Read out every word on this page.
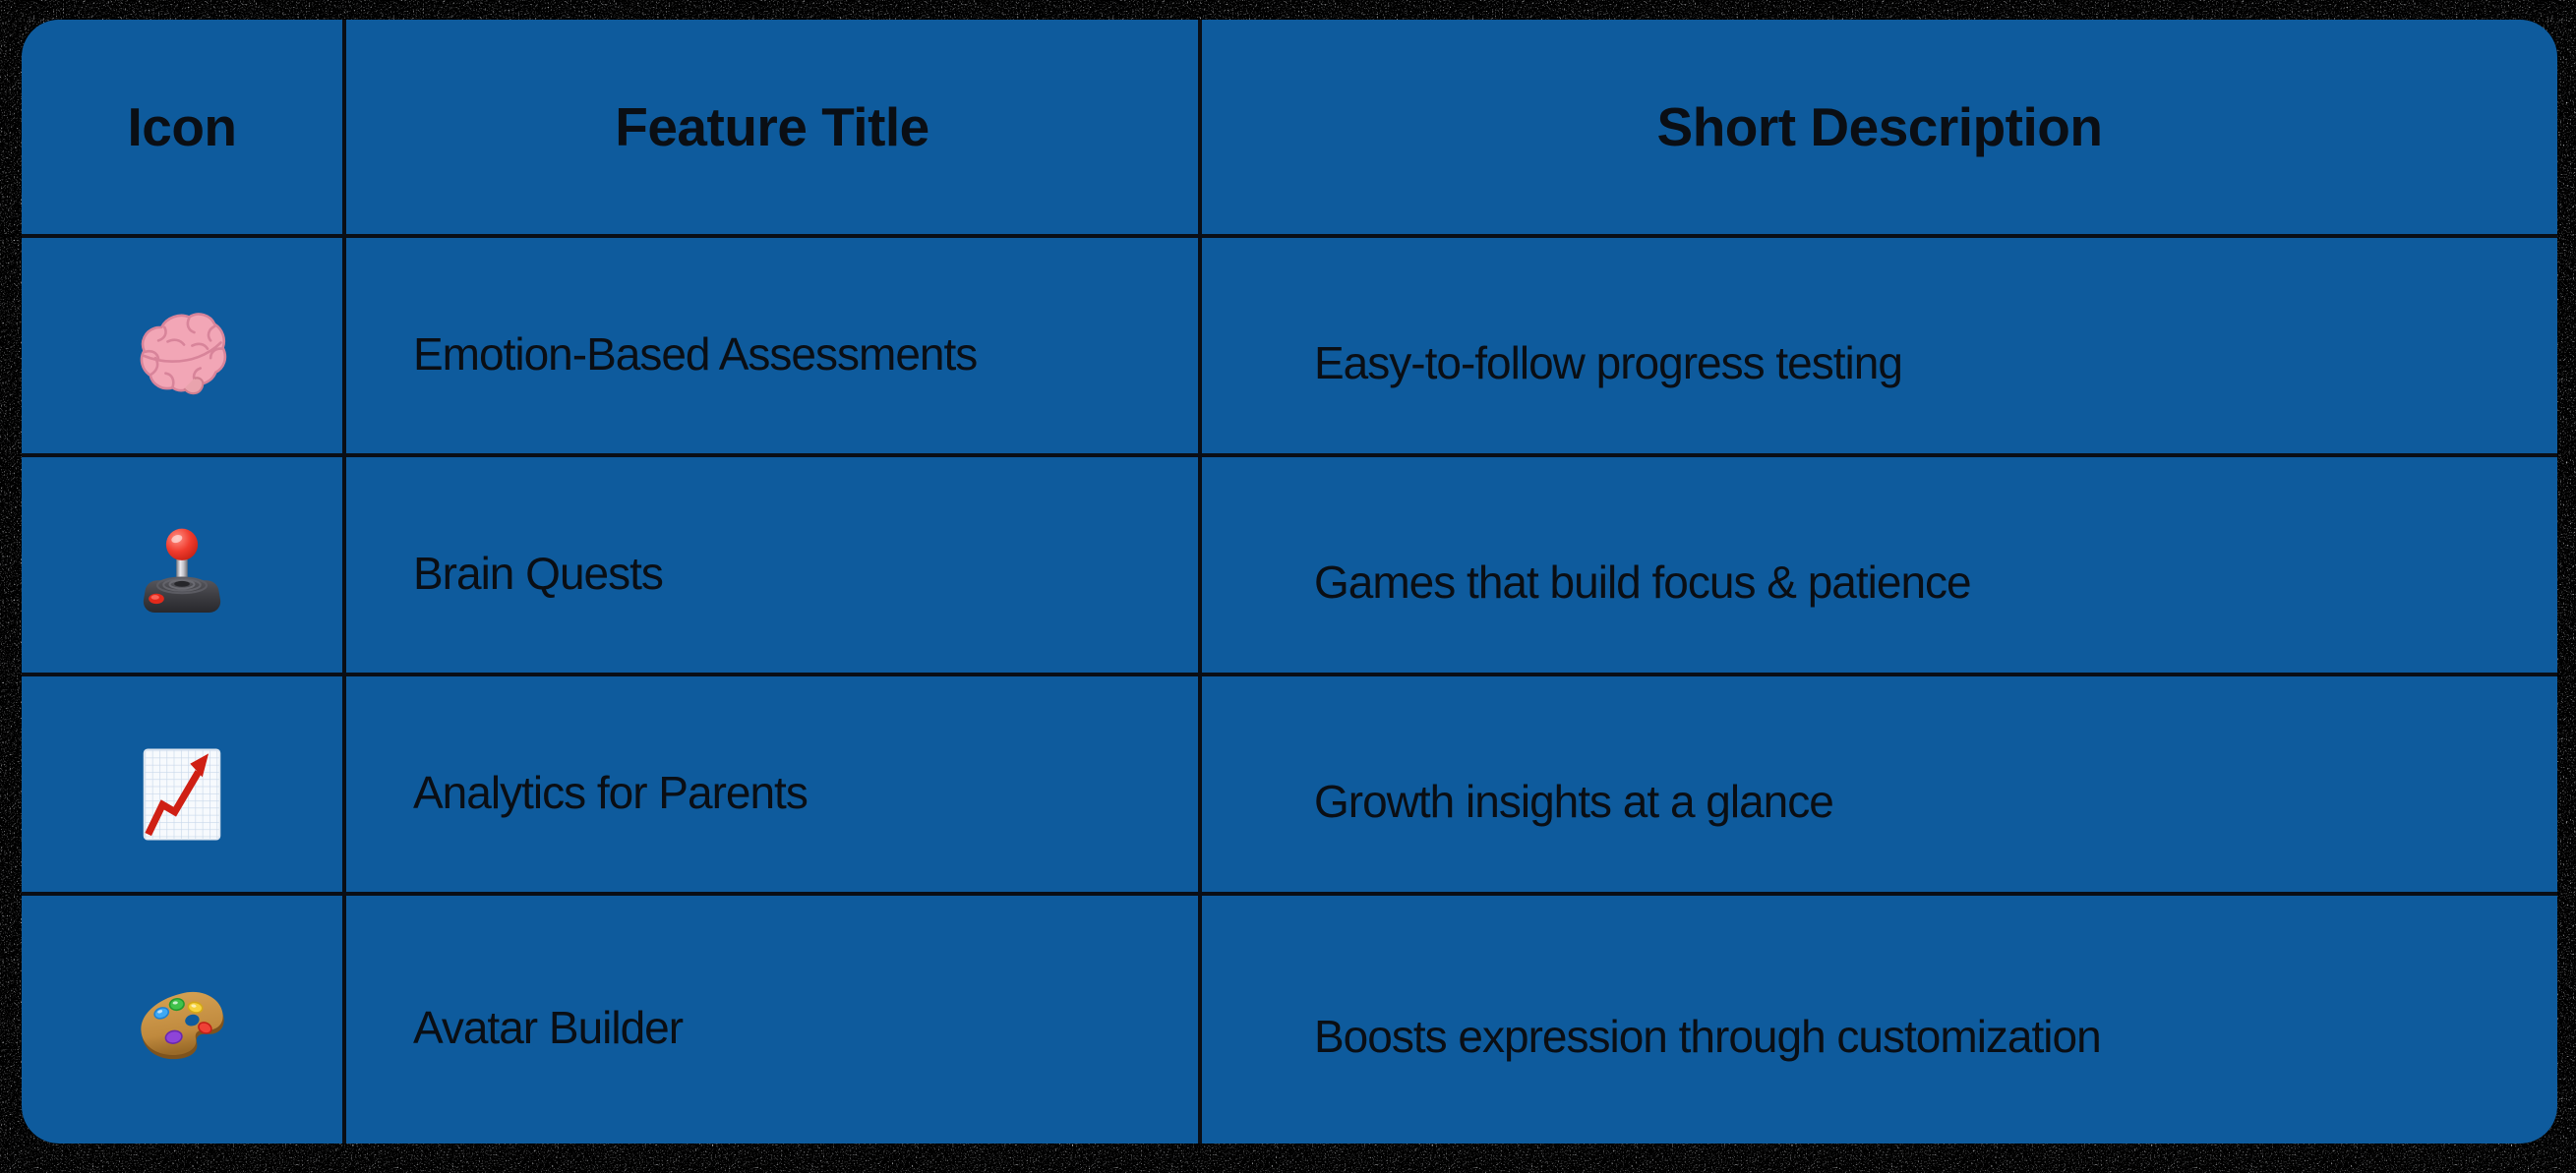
Icon	Feature Title	Short Description
Emotion-Based Assessments	Easy-to-follow progress testing
Brain Quests	Games that build focus & patience
Analytics for Parents	Growth insights at a glance
Avatar Builder	Boosts expression through customization
